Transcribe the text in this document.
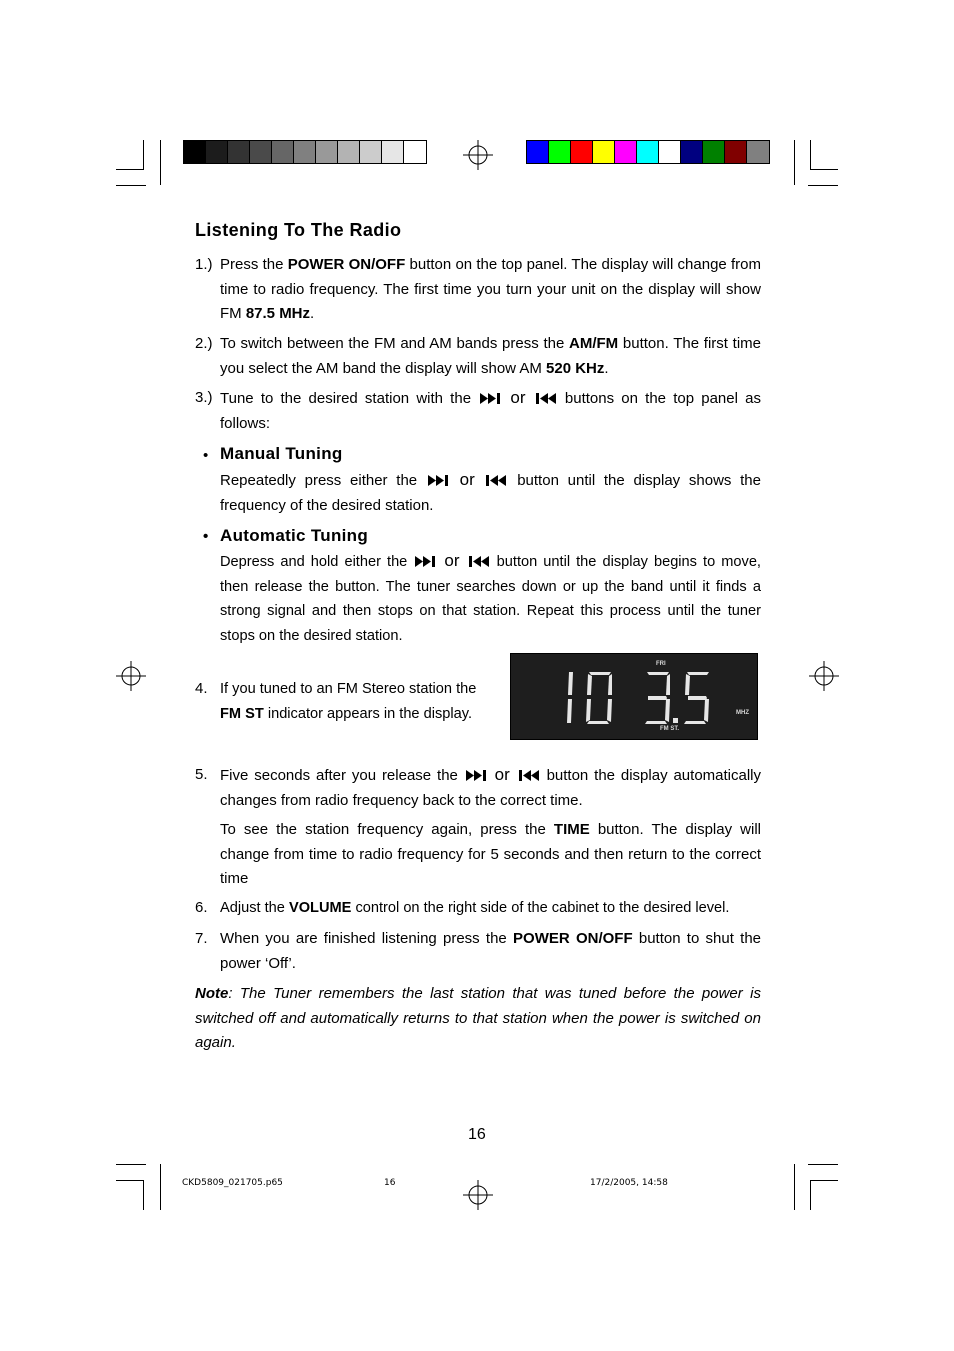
Listening To The Radio
1.) Press the POWER ON/OFF button on the top panel. The display will change from time to radio frequency. The first time you turn your unit on the display will show FM 87.5 MHz.
2.) To switch between the FM and AM bands press the AM/FM button. The first time you select the AM band the display will show AM 520 KHz.
3.) Tune to the desired station with the  or	buttons on the top panel as follows:
• Manual Tuning
Repeatedly press either the  or	button until the display shows the frequency of the desired station.
• Automatic Tuning
Depress and hold either the  or	button until the display begins to move, then release the button. The tuner searches down or up the band until it finds a strong signal and then stops on that station. Repeat this process until the tuner stops on the desired station.
4. If you tuned to an FM Stereo station the FM ST indicator appears in the display.
FRI
MHZ
FM ST.
5. Five seconds after you release the  or  button the display automatically changes from radio frequency back to the correct time.
To see the station frequency again, press the TIME button. The display will change from time to radio frequency for 5 seconds and then return to the correct time
6. Adjust the VOLUME control on the right side of the cabinet to the desired level.
7. When you are finished listening press the POWER ON/OFF button to shut the power ‘Off’.
Note: The Tuner remembers the last station that was tuned before the power is switched off and automatically returns to that station when the power is switched on again.
16
CKD5809_021705.p65	16	17/2/2005, 14:58
